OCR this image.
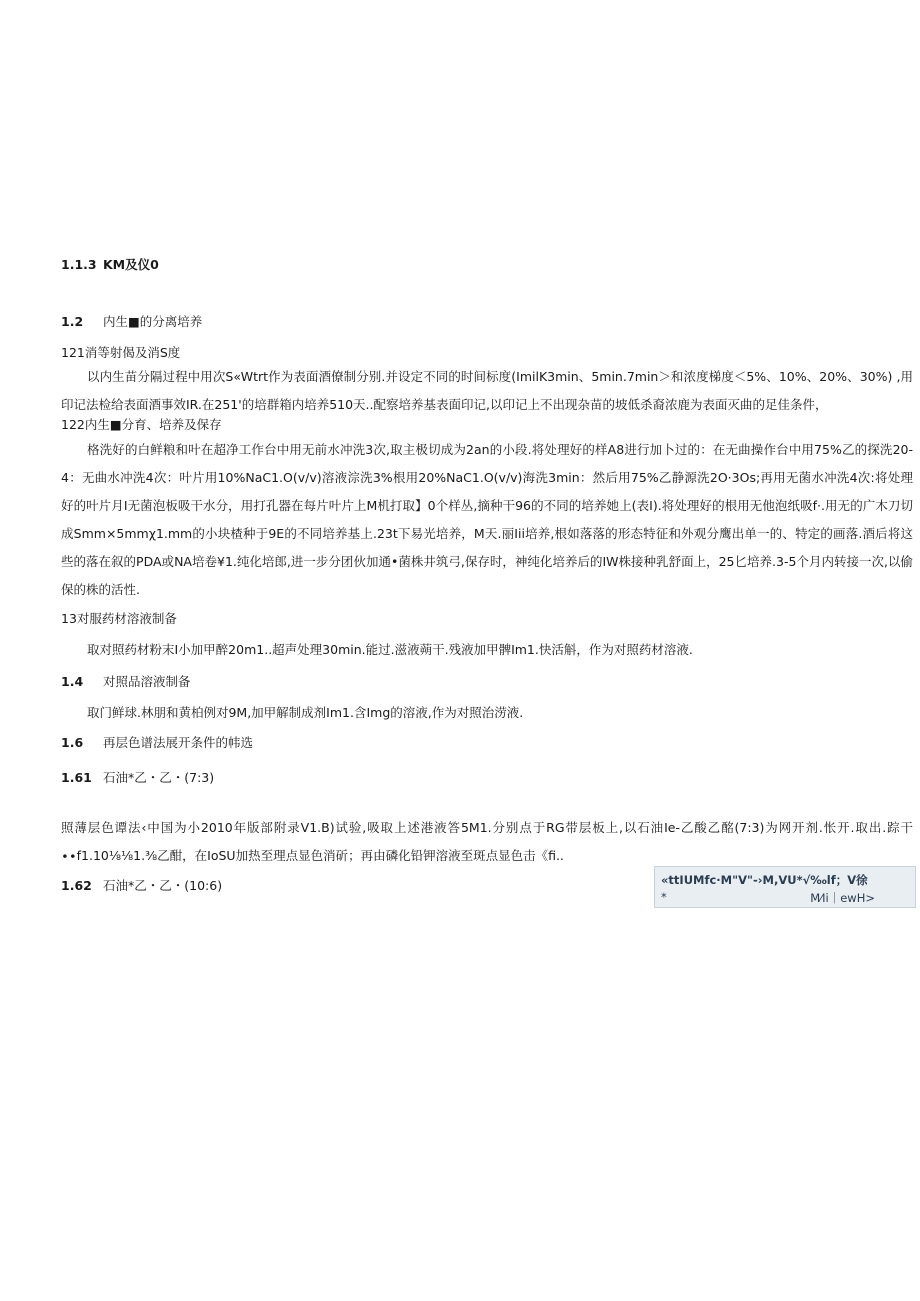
1.1.3 KM及仪0
1.2 内生■的分离培养
121消等射偈及消S度
以内生苗分隔过程中用次S«Wtrt作为表面酒僚制分别.并设定不同的时间标度(ImilK3min、5min.7min＞和浓度梯度＜5%、10%、20%、30%) ,用印记法检给表面酒事效IR.在251'的培群箱内培养510天..配察培养基表面印记,以印记上不出现杂苗的坡低杀裔浓鹿为表面灭曲的足佳条件，
122内生■分育、培养及保存
格洗好的白鲜粮和叶在超净工作台中用无前水冲洗3次,取主极切成为2an的小段.将处理好的样A8进行加卜过的：在无曲操作台中用75%乙的探洗20-4：无曲水冲洗4次：叶片用10%NaC1.O(v∕v)溶液淙洗3%根用20%NaC1.O(v∕v)海洗3min：然后用75%乙静源洗2O·3Os;再用无菌水冲洗4次:将处理好的叶片月I无菌泡板吸干水分，用打孔器在每片叶片上M机打取】0个样丛,摘种干96的不同的培养她上(表I).将处理好的根用无他泡纸吸f·.用无的广木刀切成Smm×5mmχ1.mm的小块楂种于9E的不同培养基上.23t下易光培养，M天.丽Iii培养,根如落落的形态特征和外观分鹰出单一的、特定的画落.酒后将这些的落在叙的PDA或NA培卷¥1.纯化培郎,进一步分团伙加通•菌株井筑弓,保存时，神纯化培养后的IW株接种乳舒面上，25匕培养.3-5个月内转接一次,以偷保的株的活性.
13对服药材溶液制备
取对照药材粉末I小加甲醉20m1..超声处理30min.能过.滋液蒴干.残液加甲髀Im1.快活斛，作为对照药材溶液.
1.4 对照品溶液制备
取门鲜球.林朋和黄柏例对9M,加甲解制成剂Im1.含Img的溶液,作为对照治涝液.
1.6 再层色谱法展开条件的帏选
1.61 石油*乙・乙・(7:3)
照薄层色谭法‹中国为小2010年版部附录V1.B)试验,吸取上述港液答5M1.分别点于RG带层板上,以石油Ie-乙酸乙酩(7:3)为网开剂.怅开.取出.踪干∙∙f1.10⅛⅛1.⅜乙酣，在IoSU加热至理点显色消斫；再由磷化铅钾溶液至斑点显色击《fi..
1.62 石油*乙・乙・(10:6)	«ttIUMfc·M"V"-›M,VU*√‰lf；V徐
*	M⁄Ii｜ewH>
